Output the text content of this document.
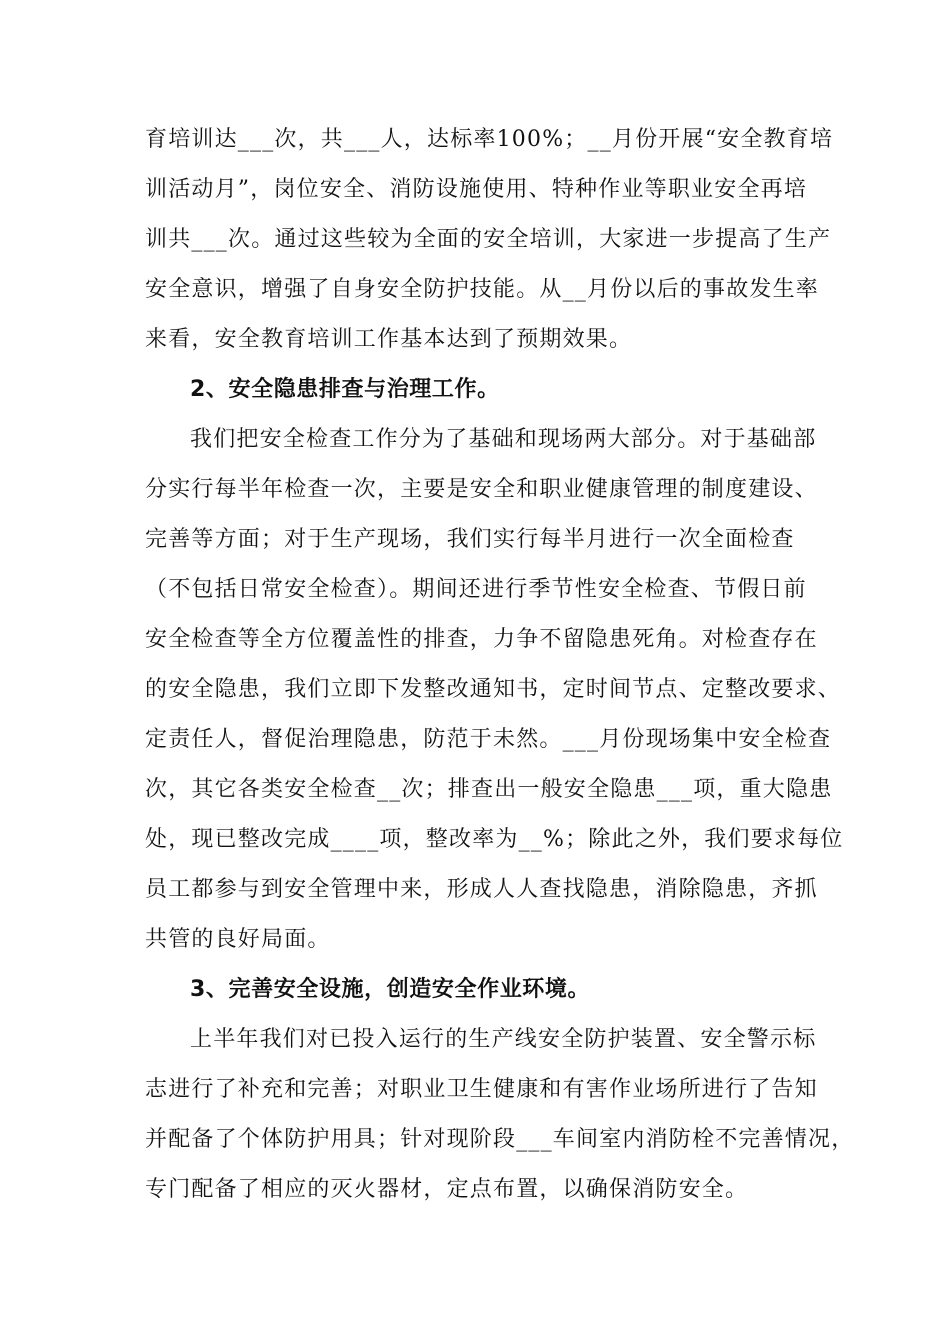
育培训达___次，共___人，达标率100%；__月份开展“安全教育培

训活动月”，岗位安全、消防设施使用、特种作业等职业安全再培

训共___次。通过这些较为全面的安全培训，大家进一步提高了生产

安全意识，增强了自身安全防护技能。从__月份以后的事故发生率

来看，安全教育培训工作基本达到了预期效果。

2、安全隐患排查与治理工作。

我们把安全检查工作分为了基础和现场两大部分。对于基础部

分实行每半年检查一次，主要是安全和职业健康管理的制度建设、

完善等方面；对于生产现场，我们实行每半月进行一次全面检查

（不包括日常安全检查）。期间还进行季节性安全检查、节假日前

安全检查等全方位覆盖性的排查，力争不留隐患死角。对检查存在

的安全隐患，我们立即下发整改通知书，定时间节点、定整改要求、

定责任人，督促治理隐患，防范于未然。___月份现场集中安全检查

次，其它各类安全检查__次；排查出一般安全隐患___项，重大隐患

处，现已整改完成____项，整改率为__%；除此之外，我们要求每位

员工都参与到安全管理中来，形成人人查找隐患，消除隐患，齐抓

共管的良好局面。

3、完善安全设施，创造安全作业环境。

上半年我们对已投入运行的生产线安全防护装置、安全警示标

志进行了补充和完善；对职业卫生健康和有害作业场所进行了告知

并配备了个体防护用具；针对现阶段___车间室内消防栓不完善情况，

专门配备了相应的灭火器材，定点布置，以确保消防安全。
